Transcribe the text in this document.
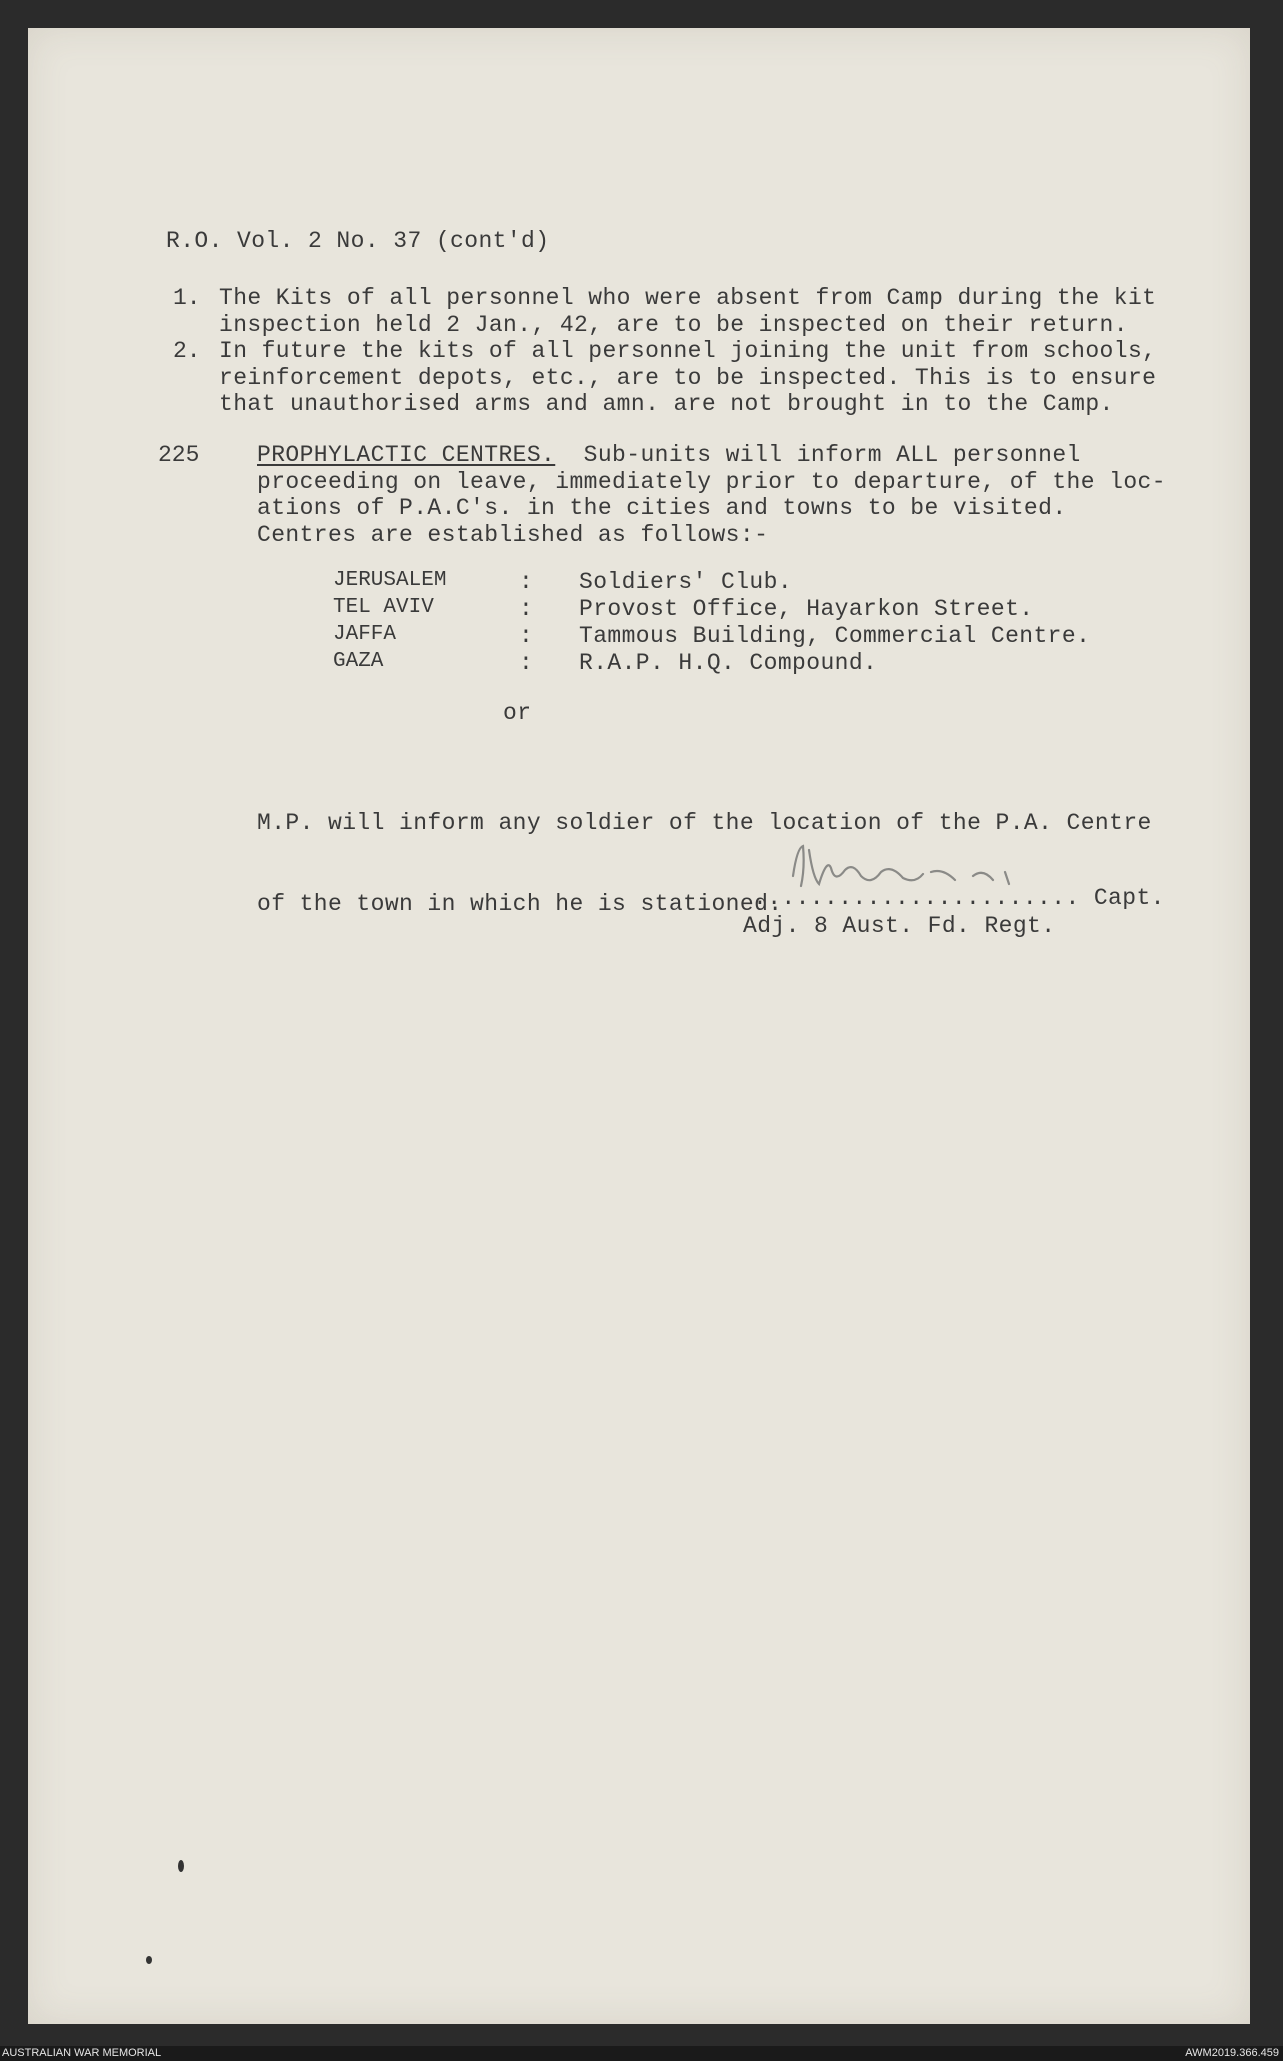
R.O. Vol. 2 No. 37 (cont'd)
1. The Kits of all personnel who were absent from Camp during the kit
inspection held 2 Jan., 42, are to be inspected on their return.
2. In future the kits of all personnel joining the unit from schools,
reinforcement depots, etc., are to be inspected. This is to ensure
that unauthorised arms and amn. are not brought in to the Camp.
225	PROPHYLACTIC CENTRES.  Sub-units will inform ALL personnel
proceeding on leave, immediately prior to departure, of the loc-
ations of P.A.C's. in the cities and towns to be visited.
Centres are established as follows:-
JERUSALEM	: Soldiers' Club.
TEL AVIV	: Provost Office, Hayarkon Street.
JAFFA	: Tammous Building, Commercial Centre.
GAZA	: R.A.P. H.Q. Compound.
or

M.P. will inform any soldier of the location of the P.A. Centre

of the town in which he is stationed.

....................... Capt.
Adj. 8 Aust. Fd. Regt.
AUSTRALIAN WAR MEMORIAL	AWM2019.366.459
